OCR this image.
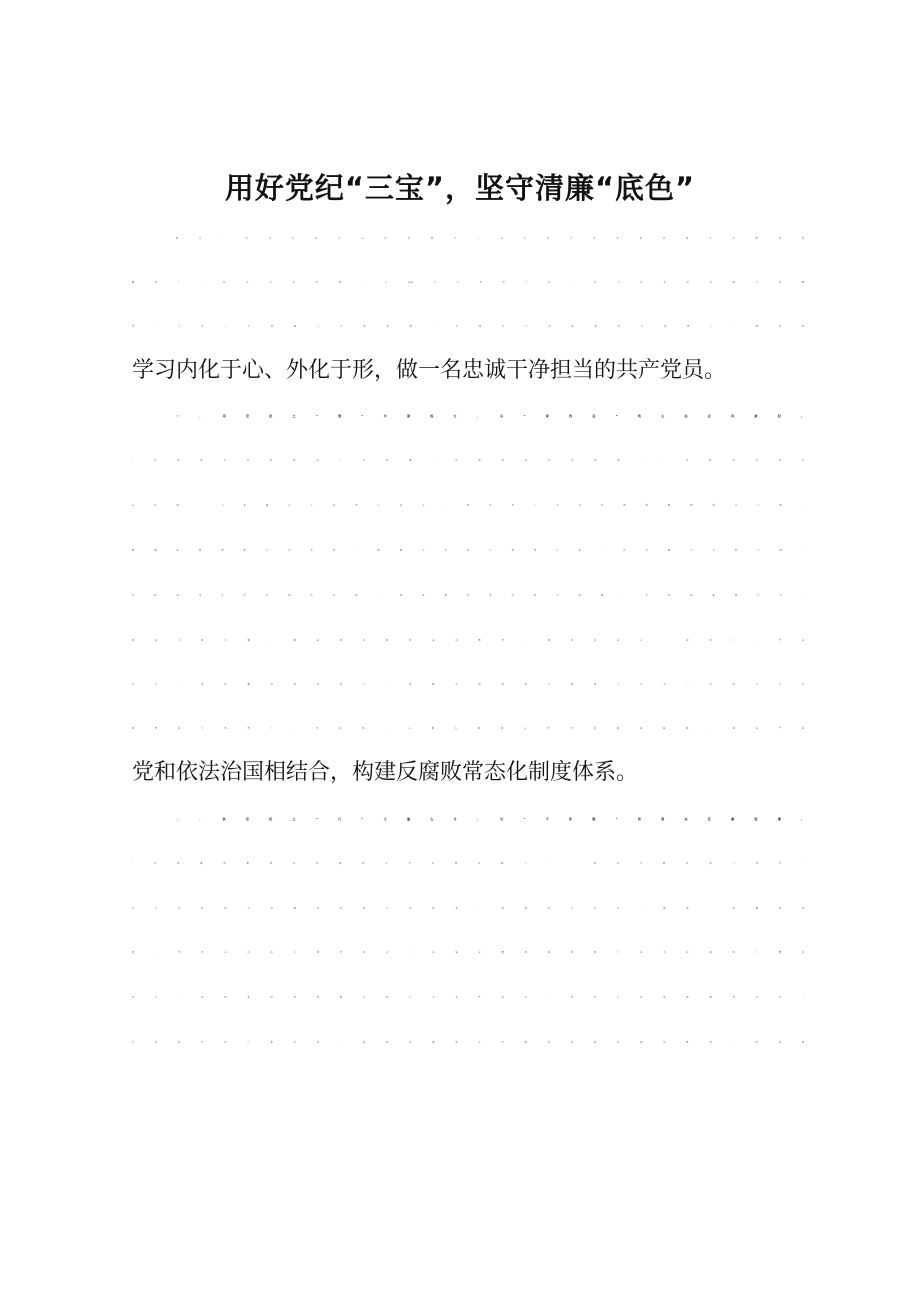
用好党纪“三宝”，坚守清廉“底色”

近日，中共中央办公厅印发了《关于在全党开展党纪学习教育的

通知》，经党中央同意，自2024年4月至7月，在全党开展党纪学习教

育。全党上下要深入学习贯彻《中国共产党纪律处分条例》，将党纪

学习内化于心、外化于形，做一名忠诚干净担当的共产党员。

一、用党纪之“笼”关紧权力，以“零容忍”的心态正风肃纪。

“不论谁在党纪国法上出问题，党纪国法决不饶恕”。这展示党不放

过任何一个贪腐分子的坚定决心。要引导广大党员把稳理想信念之舵，

明确法律面前人人平等，做到心不动于微利之诱，目不眩于五色之惑。

无论是身居高位的大老虎，还是潜伏基层的小苍蝇，无论是数额巨大，

还是小恩小惠，都是对党纪国法的亵渎，我们党必定一视同仁，坚决

打击。要扎紧制度的笼子，各级党组织要全面深入学习《中国共产党

纪律处分条例》，为党员、公职人员设定行为高线和底线，将从严治

党和依法治国相结合，构建反腐败常态化制度体系。

二、执党纪之“尺”丈量古今，以“不停歇”的姿态反腐倡廉。

“党风廉政建设和反腐败斗争永远在路上，一刻也不能放松二同样，

关于党纪的学习教育也要永不停息。回望百年党史，就是一部激浊扬

清，刀刃向内的自我革命史：从延安整风运动到三反五反运动与整党

结合，再到新时代官霆万钧之力从严治党。要持之以恒地教育引导广

大党员开展自我革命，虽然反腐败斗争取得阶段压倒性胜利，但是我
